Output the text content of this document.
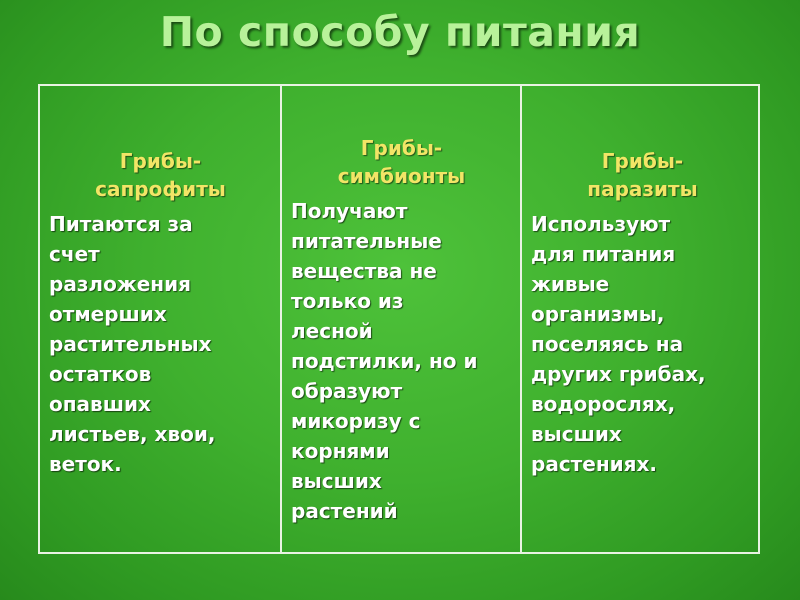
По способу питания

Грибы-
сапрофиты

Питаются за
счет
разложения
отмерших
растительных
остатков
опавших
листьев, хвои,
веток.

Грибы-
симбионты

Получают
питательные
вещества не
только из
лесной
подстилки, но и
образуют
микоризу с
корнями
высших
растений

Грибы-
паразиты

Используют
для питания
живые
организмы,
поселяясь на
других грибах,
водорослях,
высших
растениях.
